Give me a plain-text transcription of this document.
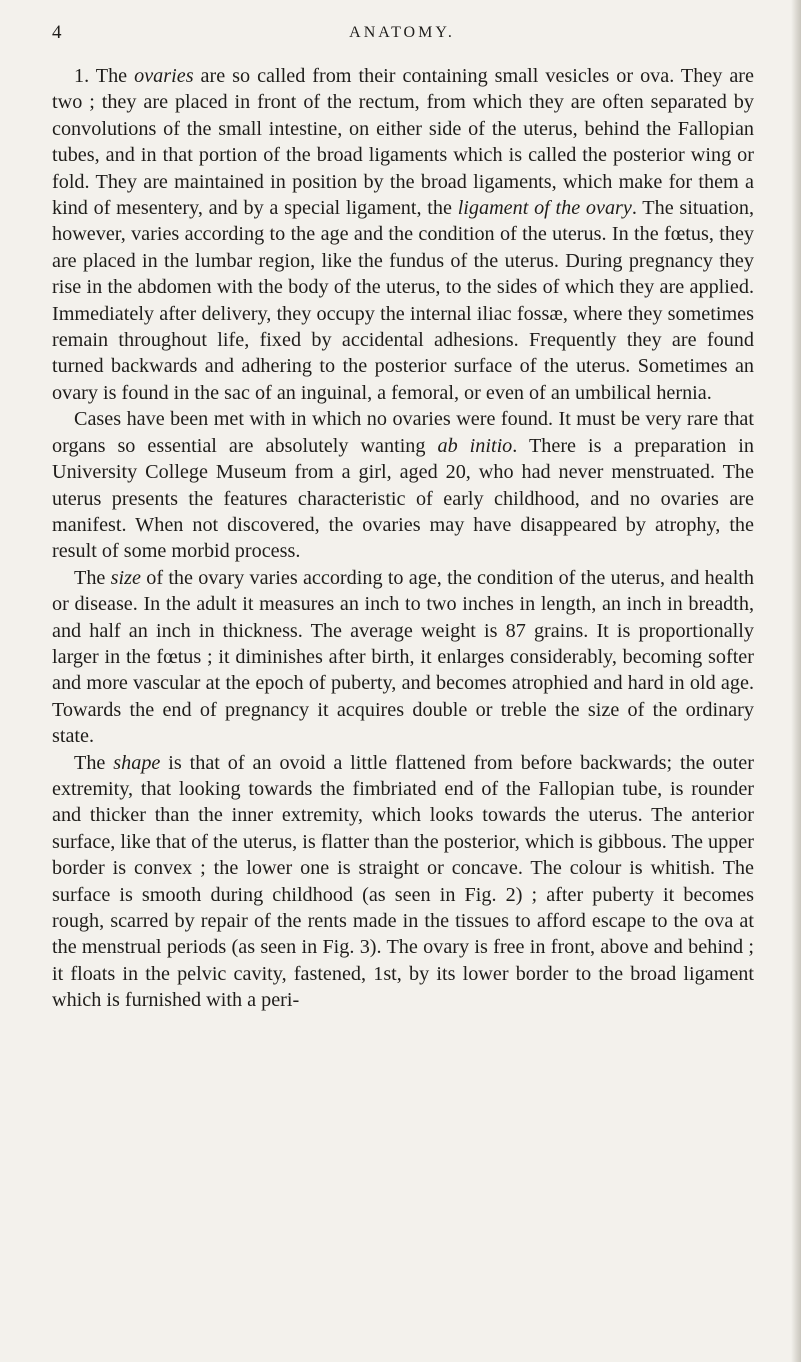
4	ANATOMY.

1. The ovaries are so called from their containing small vesicles or ova. They are two ; they are placed in front of the rectum, from which they are often separated by convolutions of the small intestine, on either side of the uterus, behind the Fallopian tubes, and in that portion of the broad ligaments which is called the posterior wing or fold. They are maintained in position by the broad ligaments, which make for them a kind of mesentery, and by a special ligament, the ligament of the ovary. The situation, however, varies according to the age and the condition of the uterus. In the fœtus, they are placed in the lumbar region, like the fundus of the uterus. During pregnancy they rise in the abdomen with the body of the uterus, to the sides of which they are applied. Immediately after delivery, they occupy the internal iliac fossæ, where they sometimes remain throughout life, fixed by accidental adhesions. Frequently they are found turned backwards and adhering to the posterior surface of the uterus. Sometimes an ovary is found in the sac of an inguinal, a femoral, or even of an umbilical hernia.

Cases have been met with in which no ovaries were found. It must be very rare that organs so essential are absolutely wanting ab initio. There is a preparation in University College Museum from a girl, aged 20, who had never menstruated. The uterus presents the features characteristic of early childhood, and no ovaries are manifest. When not discovered, the ovaries may have disappeared by atrophy, the result of some morbid process.

The size of the ovary varies according to age, the condition of the uterus, and health or disease. In the adult it measures an inch to two inches in length, an inch in breadth, and half an inch in thickness. The average weight is 87 grains. It is proportionally larger in the fœtus ; it diminishes after birth, it enlarges considerably, becoming softer and more vascular at the epoch of puberty, and becomes atrophied and hard in old age. Towards the end of pregnancy it acquires double or treble the size of the ordinary state.

The shape is that of an ovoid a little flattened from before backwards; the outer extremity, that looking towards the fimbriated end of the Fallopian tube, is rounder and thicker than the inner extremity, which looks towards the uterus. The anterior surface, like that of the uterus, is flatter than the posterior, which is gibbous. The upper border is convex ; the lower one is straight or concave. The colour is whitish. The surface is smooth during childhood (as seen in Fig. 2) ; after puberty it becomes rough, scarred by repair of the rents made in the tissues to afford escape to the ova at the menstrual periods (as seen in Fig. 3). The ovary is free in front, above and behind ; it floats in the pelvic cavity, fastened, 1st, by its lower border to the broad ligament which is furnished with a peri-
